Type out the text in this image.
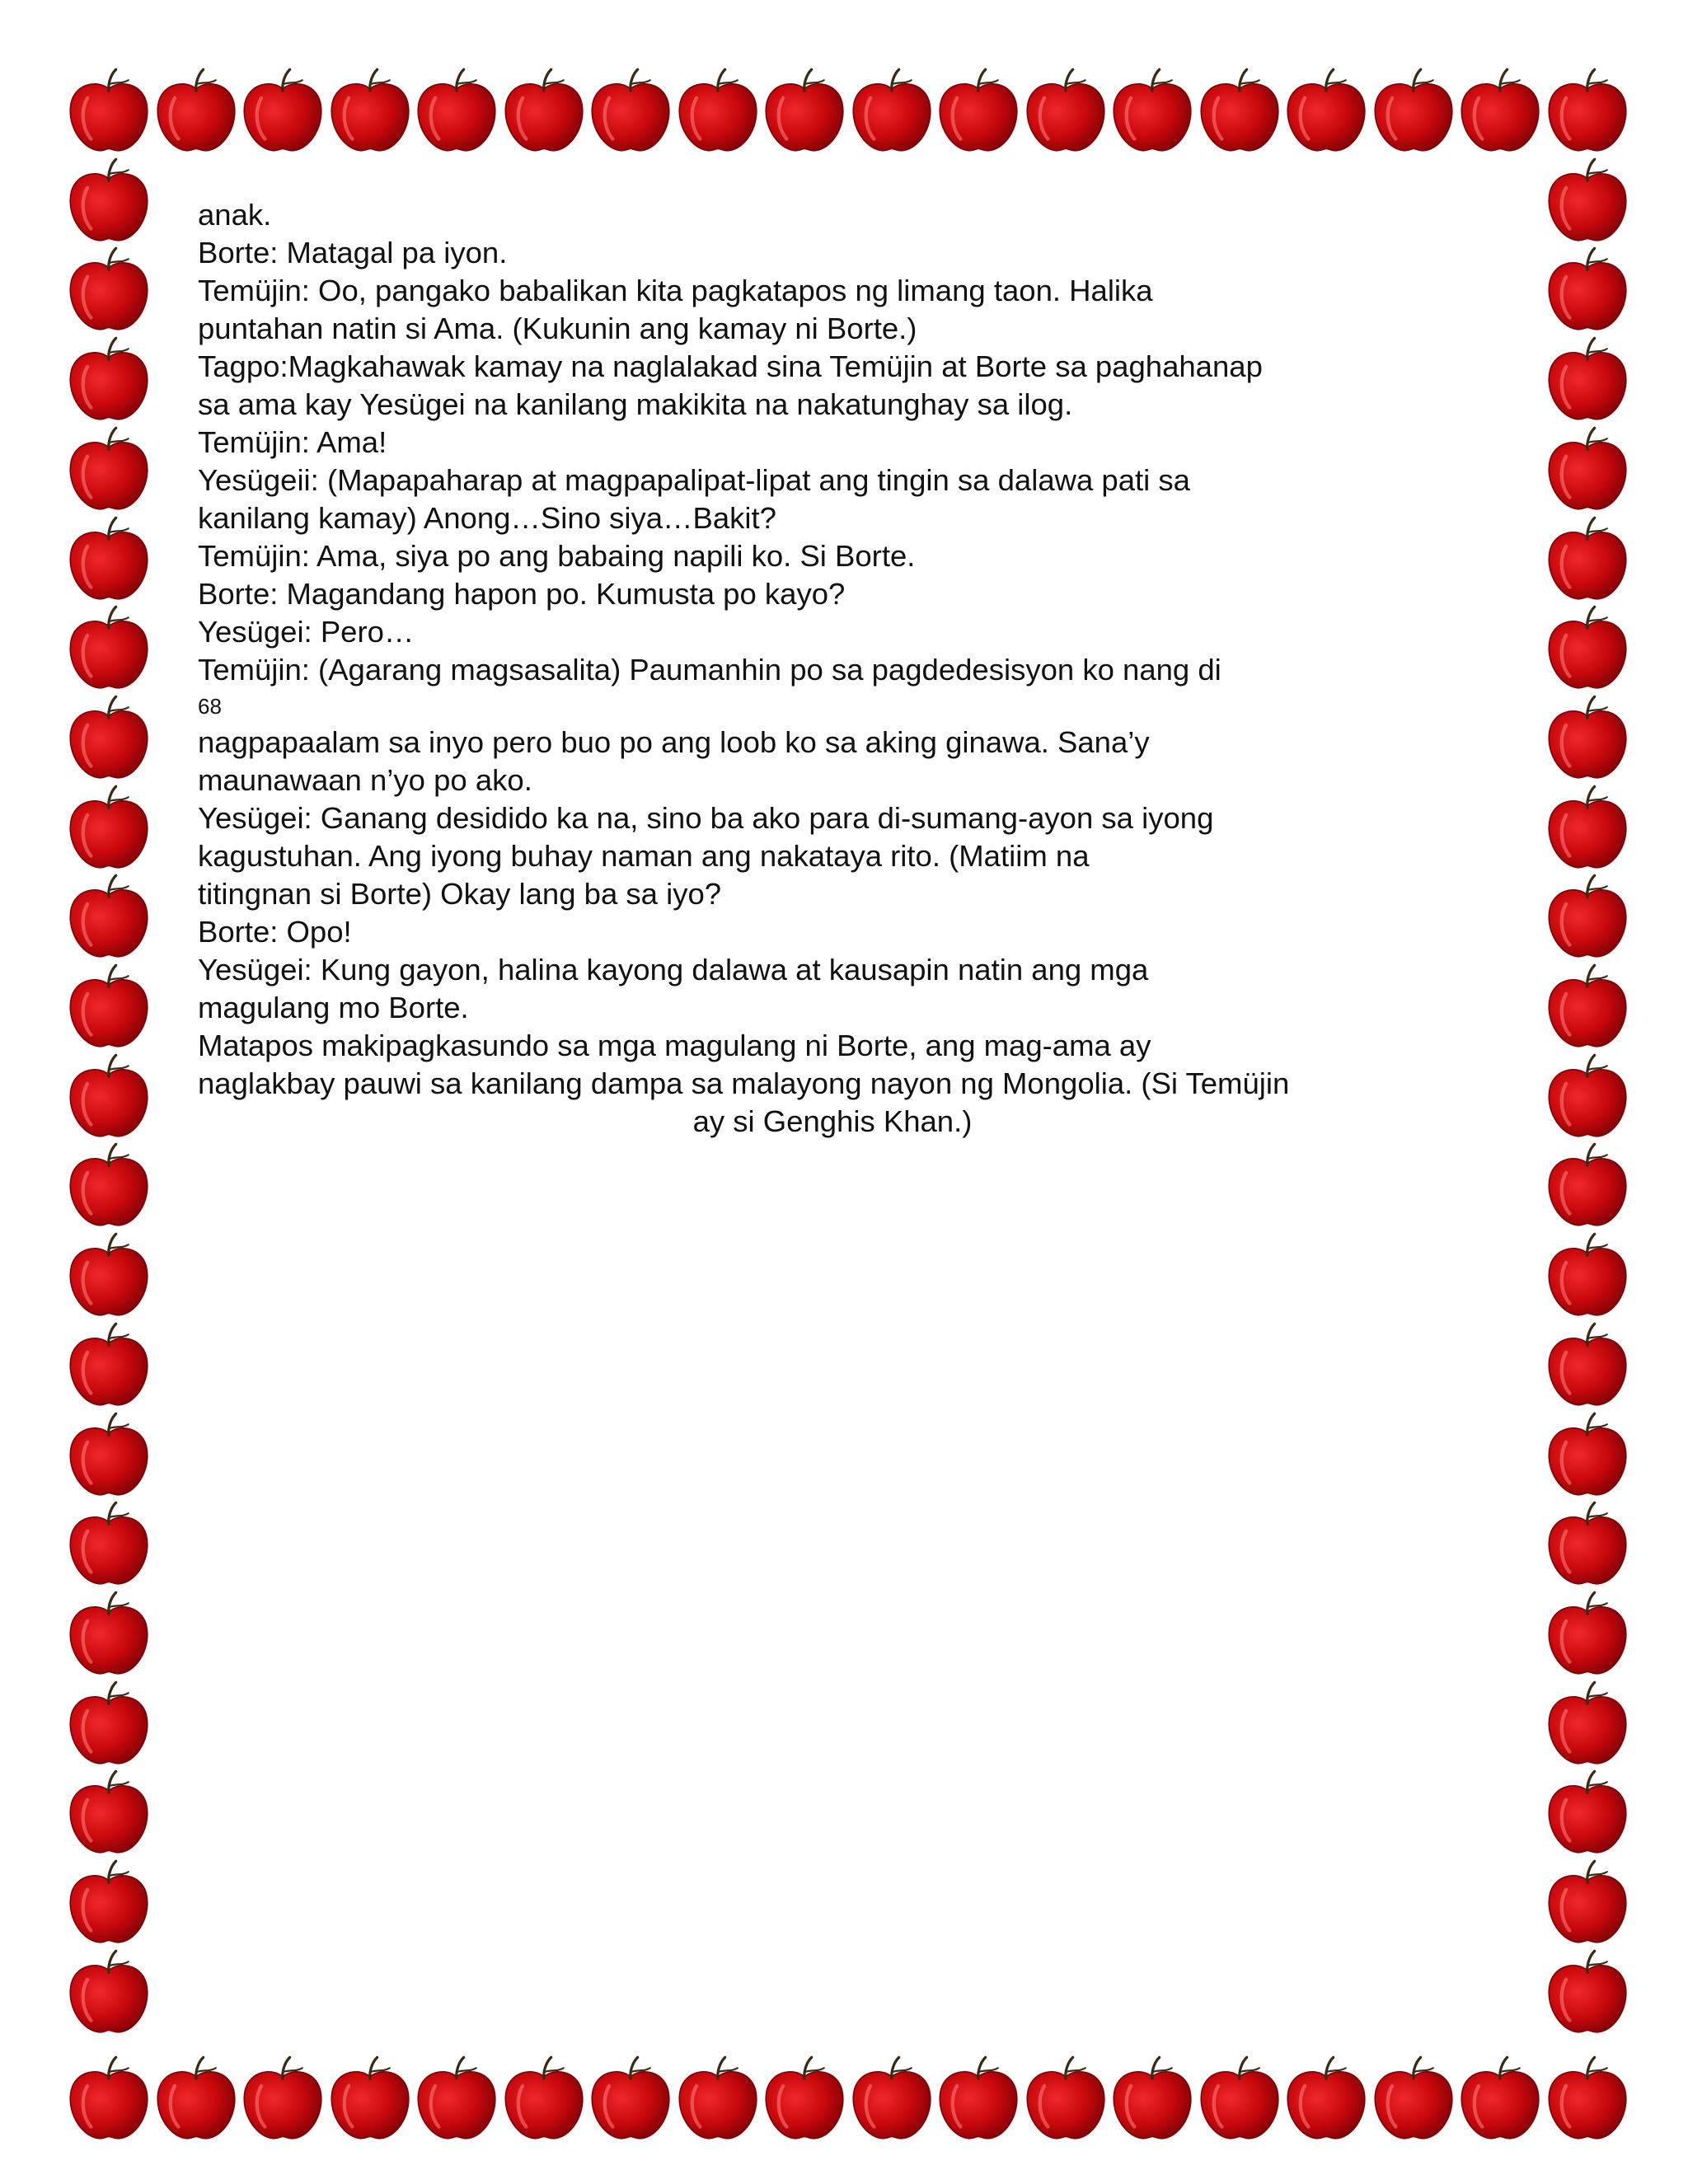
anak.
Borte: Matagal pa iyon.
Temüjin: Oo, pangako babalikan kita pagkatapos ng limang taon. Halika
puntahan natin si Ama. (Kukunin ang kamay ni Borte.)
Tagpo:Magkahawak kamay na naglalakad sina Temüjin at Borte sa paghahanap
sa ama kay Yesügei na kanilang makikita na nakatunghay sa ilog.
Temüjin: Ama!
Yesügeii: (Mapapaharap at magpapalipat-lipat ang tingin sa dalawa pati sa
kanilang kamay) Anong…Sino siya…Bakit?
Temüjin: Ama, siya po ang babaing napili ko. Si Borte.
Borte: Magandang hapon po. Kumusta po kayo?
Yesügei: Pero…
Temüjin: (Agarang magsasalita) Paumanhin po sa pagdedesisyon ko nang di
68
nagpapaalam sa inyo pero buo po ang loob ko sa aking ginawa. Sana’y
maunawaan n’yo po ako.
Yesügei: Ganang desidido ka na, sino ba ako para di-sumang-ayon sa iyong
kagustuhan. Ang iyong buhay naman ang nakataya rito. (Matiim na
titingnan si Borte) Okay lang ba sa iyo?
Borte: Opo!
Yesügei: Kung gayon, halina kayong dalawa at kausapin natin ang mga
magulang mo Borte.
Matapos makipagkasundo sa mga magulang ni Borte, ang mag-ama ay
naglakbay pauwi sa kanilang dampa sa malayong nayon ng Mongolia. (Si Temüjin
ay si Genghis Khan.)
